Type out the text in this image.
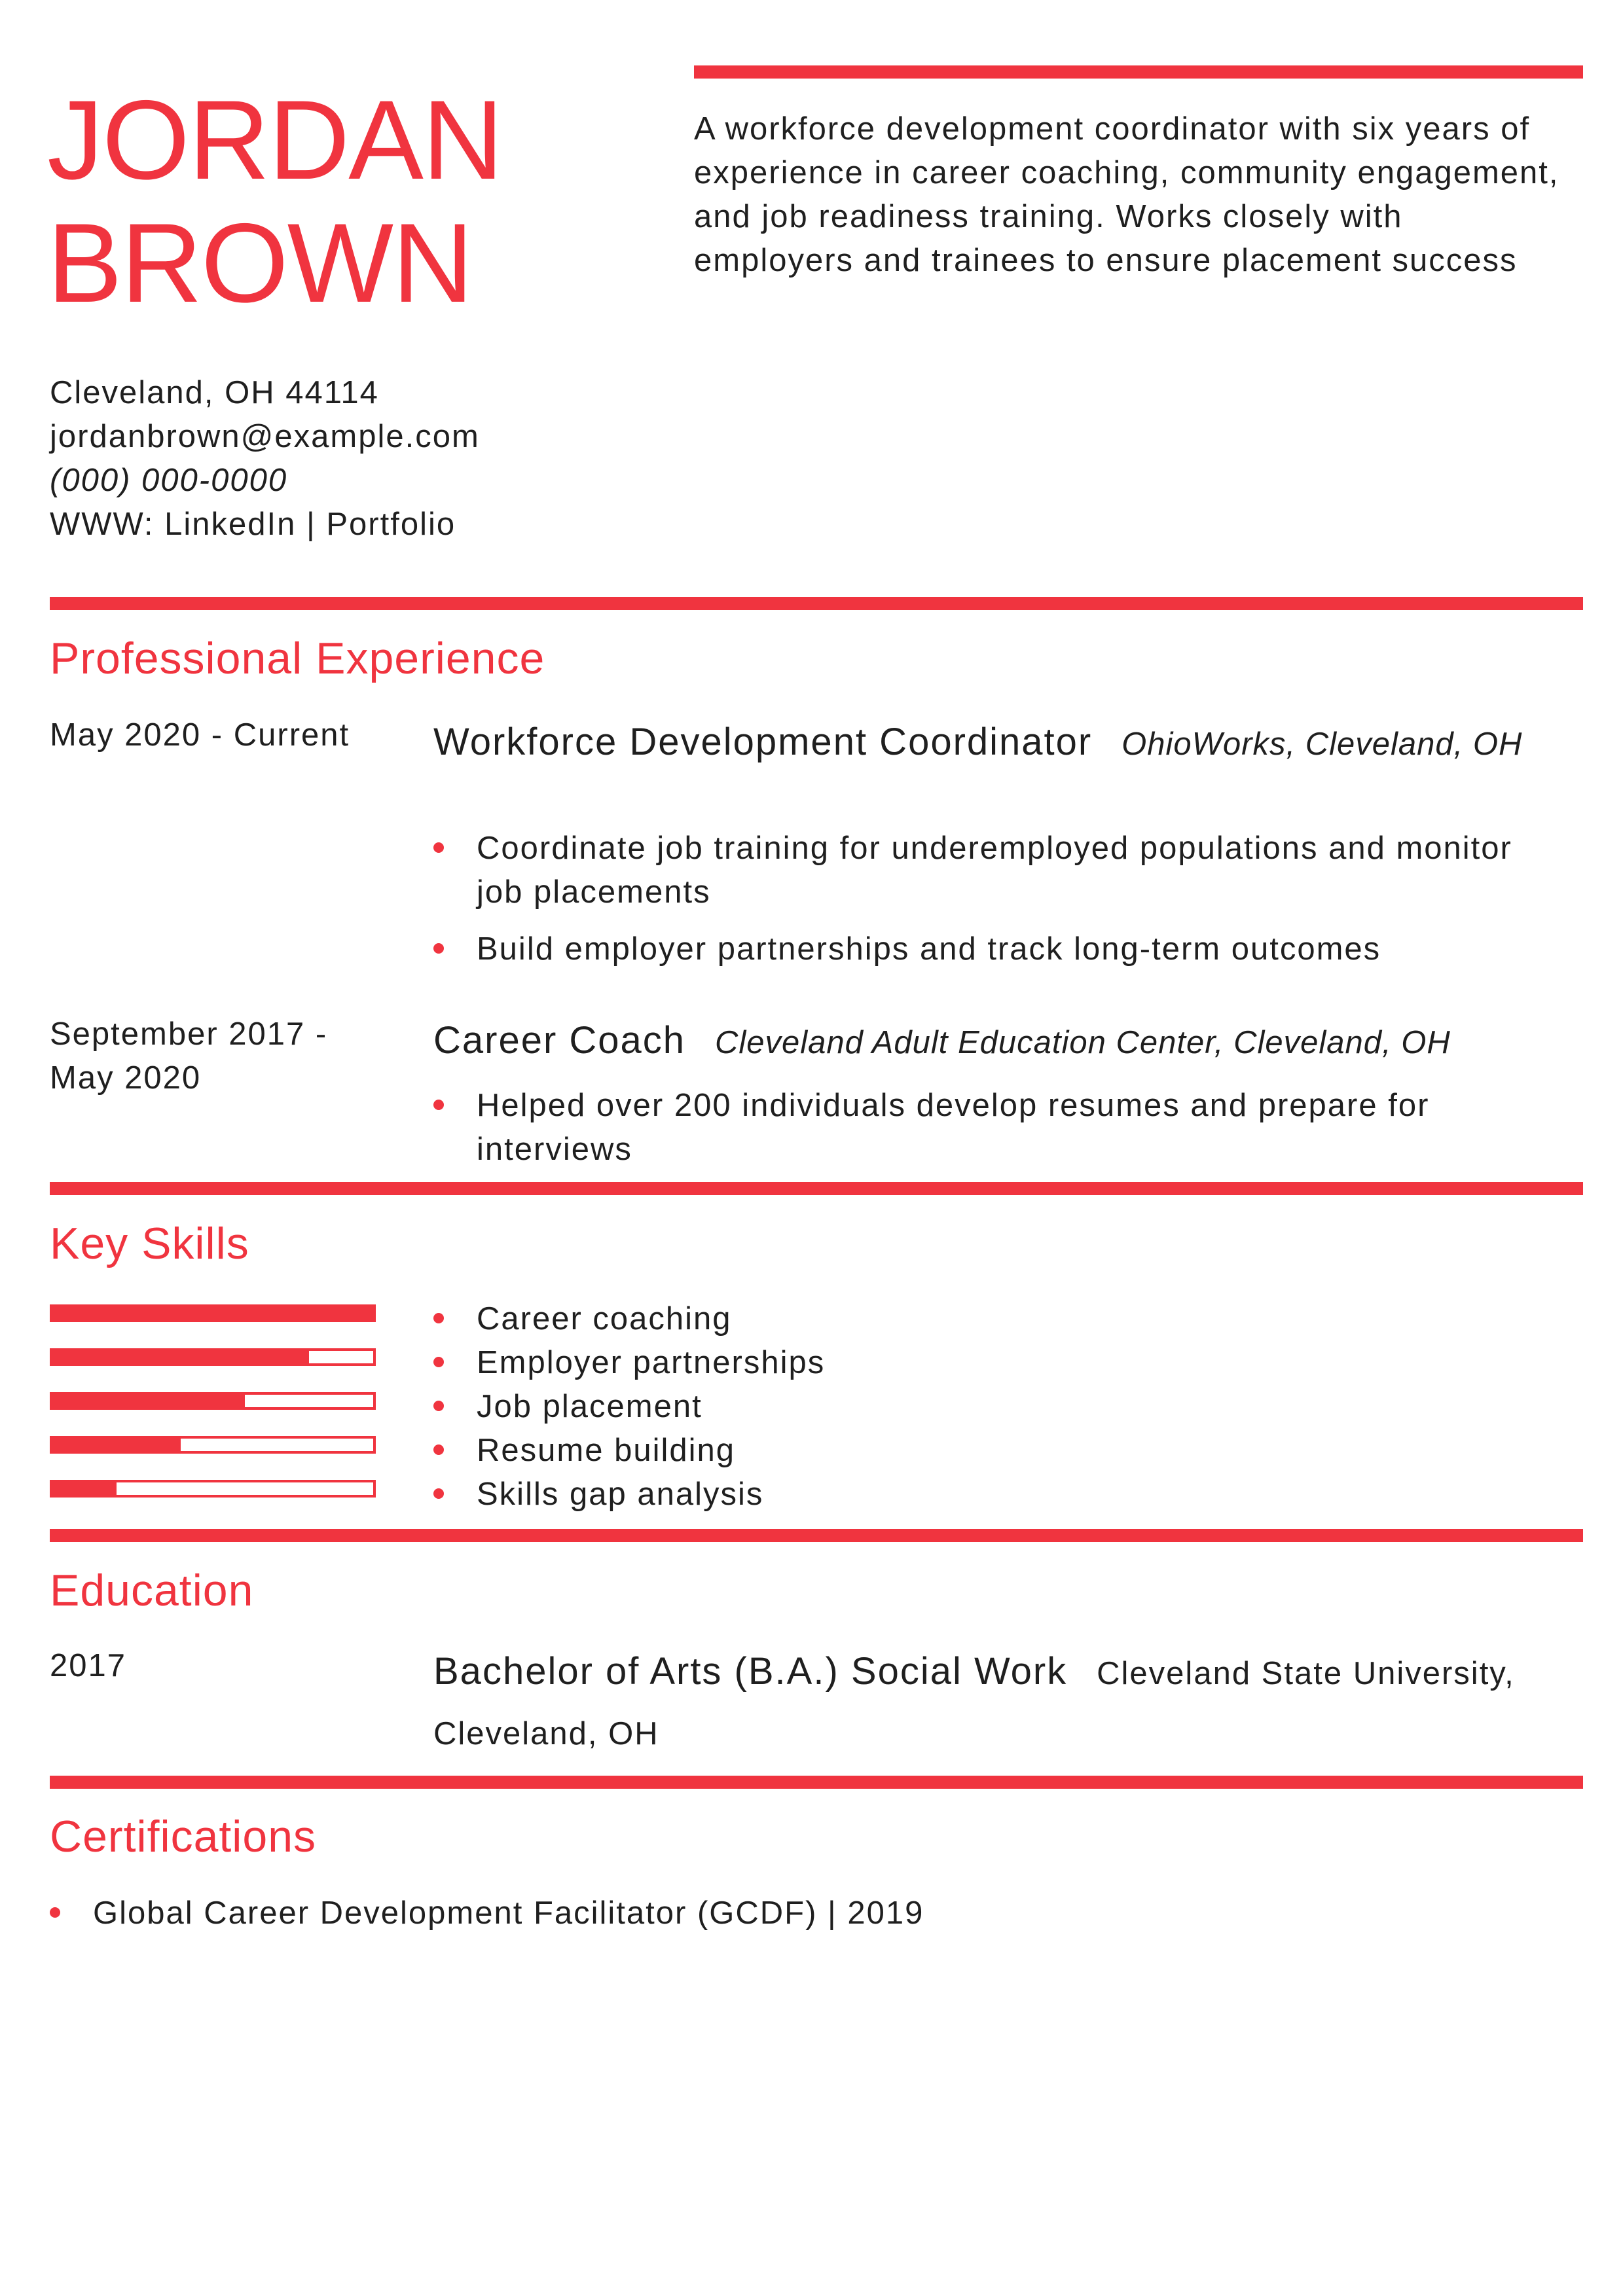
JORDAN
BROWN
A workforce development coordinator with six years of experience in career coaching, community engagement, and job readiness training. Works closely with employers and trainees to ensure placement success
Cleveland, OH 44114
jordanbrown@example.com
(000) 000-0000
WWW: LinkedIn | Portfolio
Professional Experience
May 2020 - Current Workforce Development Coordinator OhioWorks, Cleveland, OH
Coordinate job training for underemployed populations and monitor job placements
Build employer partnerships and track long-term outcomes
September 2017 -
May 2020
Career Coach Cleveland Adult Education Center, Cleveland, OH
Helped over 200 individuals develop resumes and prepare for interviews
Key Skills
Career coaching
Employer partnerships
Job placement
Resume building
Skills gap analysis
Education
2017	Bachelor of Arts (B.A.) Social Work Cleveland State University, Cleveland, OH
Certifications
Global Career Development Facilitator (GCDF) | 2019
